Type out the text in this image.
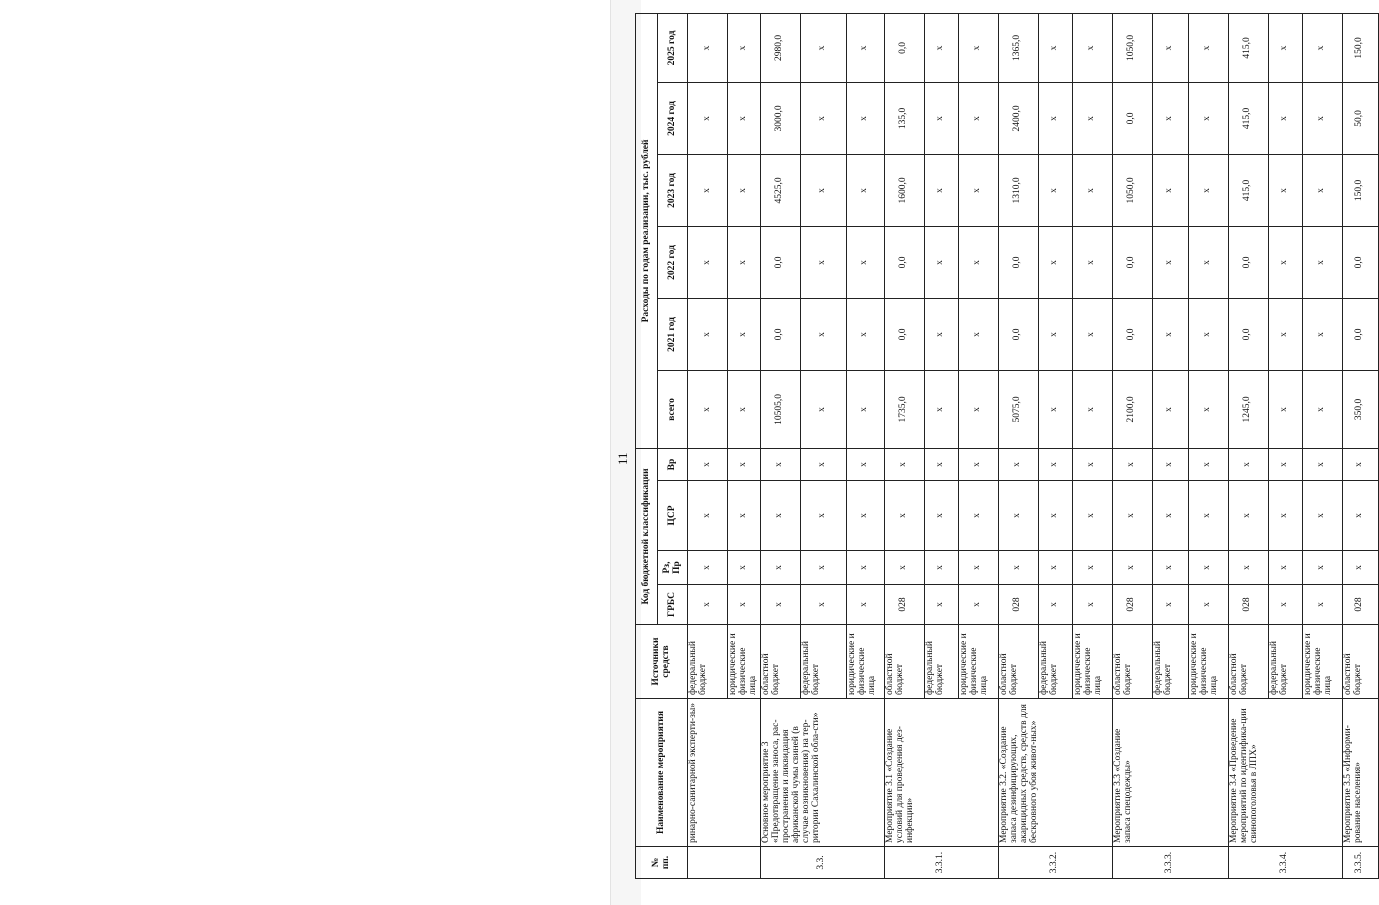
11
№ пп.	Наименование мероприятия	Источники средств	Код бюджетной классификации				Расходы по годам реализации, тыс. рублей					
			ГРБС	Рз, Пр	ЦСР	Вр	всего	2021 год	2022 год	2023 год	2024 год	2025 год
	ринарно-санитарной эксперти-зы»	федеральный бюджет	х	х	х	х	х	х	х	х	х	х
		юридические и физические лица	х	х	х	х	х	х	х	х	х	х
3.3.	Основное мероприятие 3 «Предотвращение заноса, рас-пространения и ликвидация африканской чумы свиней (в случае возникновения) на тер-ритории Сахалинской обла-сти»	областной бюджет	х	х	х	х	10505,0	0,0	0,0	4525,0	3000,0	2980,0
		федеральный бюджет	х	х	х	х	х	х	х	х	х	х
		юридические и физические лица	х	х	х	х	х	х	х	х	х	х
3.3.1.	Мероприятие 3.1 «Создание условий для проведения дез-инфекции»	областной бюджет	028	х	х	х	1735,0	0,0	0,0	1600,0	135,0	0,0
		федеральный бюджет	х	х	х	х	х	х	х	х	х	х
		юридические и физические лица	х	х	х	х	х	х	х	х	х	х
3.3.2.	Мероприятие 3.2. «Создание запаса дезинфицирующих, акарицидных средств, средств для бескровного убоя живот-ных»	областной бюджет	028	х	х	х	5075,0	0,0	0,0	1310,0	2400,0	1365,0
		федеральный бюджет	х	х	х	х	х	х	х	х	х	х
		юридические и физические лица	х	х	х	х	х	х	х	х	х	х
3.3.3.	Мероприятие 3.3 «Создание запаса спецодежды»	областной бюджет	028	х	х	х	2100,0	0,0	0,0	1050,0	0,0	1050,0
		федеральный бюджет	х	х	х	х	х	х	х	х	х	х
		юридические и физические лица	х	х	х	х	х	х	х	х	х	х
3.3.4.	Мероприятие 3.4 «Проведение мероприятий по идентифика-ции свинопоголовья в ЛПХ»	областной бюджет	028	х	х	х	1245,0	0,0	0,0	415,0	415,0	415,0
		федеральный бюджет	х	х	х	х	х	х	х	х	х	х
		юридические и физические лица	х	х	х	х	х	х	х	х	х	х
3.3.5.	Мероприятие 3.5 «Информи-рование населения»	областной бюджет	028	х	х	х	350,0	0,0	0,0	150,0	50,0	150,0
